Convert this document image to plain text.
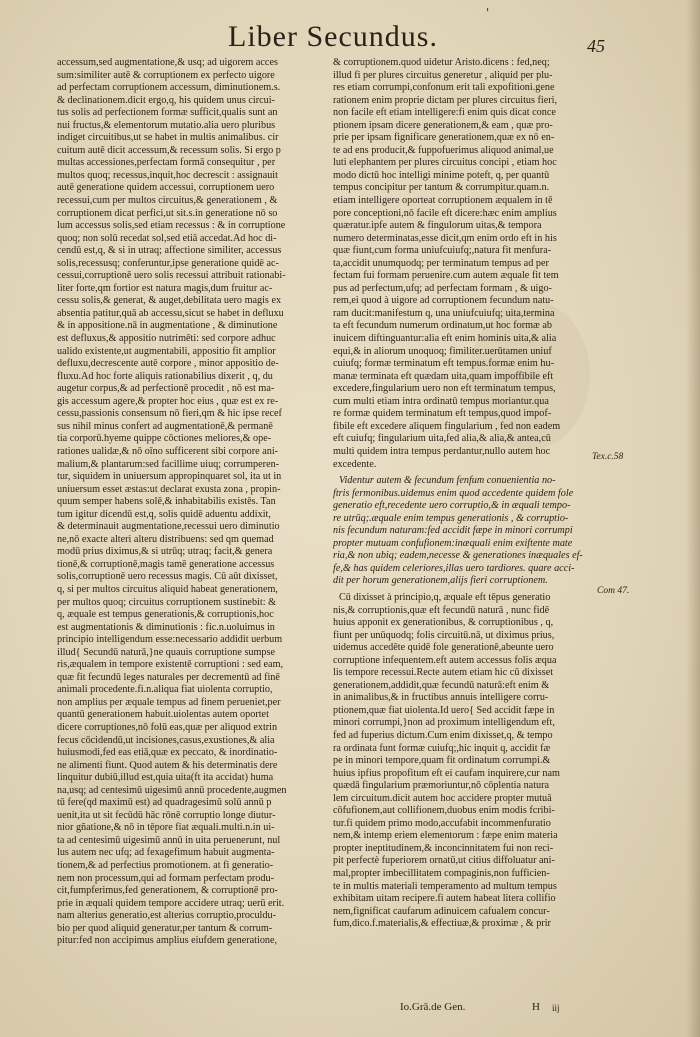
'
Liber Secundus.	45
accessum,sed augmentatione,& usq; ad uigorem acces
sum:similiter autē & corruptionem ex perfecto uigore
ad perfectam corruptionem accessum, diminutionem.s.
& declinationem.dicit ergo,q, his quidem unus circui-
tus solis ad perfectionem formæ sufficit,qualis sunt an
nui fructus,& elementorum mutatio.alia uero pluribus
indiget circuitibus,ut se habet in multis animalibus. cir
cuitum autē dicit accessum,& recessum solis. Si ergo p
multas accessiones,perfectam formā consequitur , per
multos quoq; recessus,inquit,hoc decrescit : assignauit
autē generatione quidem accessui, corruptionem uero
recessui,cum per multos circuitus,& generationem , &
corruptionem dicat perfici,ut sit.s.in generatione nō so
lum accessus solis,sed etiam recessus : & in corruptione
quoq; non solū recedat sol,sed etiā accedat.Ad hoc di-
cendū est,q, & si in utraq; affectione similiter, accessus
solis,recessusq; conferuntur,ipse generatione quidē ac-
cessui,corruptionē uero solis recessui attribuit rationabi-
liter forte,qm fortior est natura magis,dum fruitur ac-
cessu solis,& generat, & auget,debilitata uero magis ex
absentia patitur,quā ab accessu,sicut se habet in defluxu
& in appositione.nā in augmentatione , & diminutione
est defluxus,& appositio nutrimēti: sed corpore adhuc
ualido existente,ut augmentabili, appositio fit amplior
defluxu,decrescente autē corpore , minor appositio de-
fluxu.Ad hoc forte aliquis rationabilius dixerit , q, du
augetur corpus,& ad perfectionē procedit , nō est ma-
gis accessum agere,& propter hoc eius , quæ est ex re-
cessu,passionis consensum nō fieri,qm & hic ipse recef
sus nihil minus confert ad augmentationē,& permanē
tia corporū.hyeme quippe cōctiones meliores,& ope-
rationes ualidæ,& nō oīno sufficerent sibi corpore ani-
malium,& plantarum:sed facillime uiuq; corrumperen-
tur, siquidem in uniuersum appropinquaret sol, ita ut in
uniuersum esset æstas:ut declarat exusta zona , propin-
quum semper habens solē,& inhabitabilis existēs. Tan
tum igitur dicendū est,q, solis quidē aduentu addixit,
& determinauit augmentatione,recessui uero diminutio
ne,nō exacte alteri alteru distribuens: sed qm quemad
modū prius diximus,& si utrūq; utraq; facit,& genera
tionē,& corruptionē,magis tamē generatione accessus
solis,corruptionē uero recessus magis. Cū aūt dixisset,
q, si per multos circuitus aliquid habeat generationem,
per multos quoq; circuitus corruptionem sustinebit: &
q, æquale est tempus generationis,& corruptionis,hoc
est augmentationis & diminutionis : fic.n.uoluimus in
principio intelligendum esse:necessario addidit uerbum
illud{ Secundū naturā,}ne quauis corruptione sumpse
ris,æqualem in tempore existentē corruptioni : sed eam,
quæ fit fecundū leges naturales per decrementū ad finē
animali procedente.fi.n.aliqua fiat uiolenta corruptio,
non amplius per æquale tempus ad finem perueniet,per
quantū generationem habuit.uiolentas autem oportet
dicere corruptiones,nō folū eas,quæ per aliquod extrin
fecus cōcidendū,ut incisiones,casus,exustiones,& alia
huiusmodi,fed eas etiā,quæ ex peccato, & inordinatio-
ne alimenti fiunt. Quod autem & his determinatis dere
linquitur dubiū,illud est,quia uita(ft ita accidat) huma
na,usq; ad centesimū uigesimū annū procedente,augmen
tū fere(qd maximū est) ad quadragesimū solū annū p
uenit,ita ut sit fecūdū hāc rōnē corruptio longe diutur-
nior gñatione,& nō in tēpore fiat æquali.multi.n.in ui-
ta ad centesimū uigesimū annū in uita peruenerunt, nul
lus autem nec ufq; ad fexagefimum habuit augmenta-
tionem,& ad perfectius promotionem. at fi generatio-
nem non processum,qui ad formam perfectam produ-
cit,fumpferimus,fed generationem, & corruptionē pro-
prie in æquali quidem tempore accidere utraq; uerū erit.
nam alterius generatio,est alterius corruptio,proculdu-
bio per quod aliquid generatur,per tantum & corrum-
pitur:fed non accipimus amplius eiufdem generatione,
& corruptionem.quod uidetur Aristo.dicens : fed,neq;
illud fi per plures circuitus generetur , aliquid per plu-
res etiam corrumpi,confonum erit tali expofitioni.gene
rationem enim proprie dictam per plures circuitus fieri,
non facile eft etiam intelligere:fi enim quis dicat conce
ptionem ipsam dicere generationem,& eam , quæ pro-
prie per ipsam fignificare generationem,quæ ex nō en-
te ad ens producit,& fuppofuerimus aliquod animal,ue
luti elephantem per plures circuitus concipi , etiam hoc
modo dictū hoc intelligi minime poteft, q, per quantū
tempus concipitur per tantum & corrumpitur.quam.n.
etiam intelligere oporteat corruptionem æqualem in tē
pore conceptioni,nō facile eft dicere:hæc enim amplius
quæratur.ipfe autem & fingulorum uitas,& tempora
numero determinatas,esse dicit,qm enim ordo eft in his
quæ fiunt,cum forma uniufcuiufq;,natura fit menfura-
ta,accidit unumquodq; per terminatum tempus ad per
fectam fui formam peruenire.cum autem æquale fit tem
pus ad perfectum,ufq; ad perfectam formam , & uigo-
rem,ei quod à uigore ad corruptionem fecundum natu-
ram ducit:manifestum q, una uniufcuiufq; uita,termina
ta eft fecundum numerum ordinatum,ut hoc formæ ab
inuicem diftinguantur:alia eft enim hominis uita,& alia
equi,& in aliorum unoquoq; fimiliter.uerūtamen uniuf
cuiufq; formæ terminatum eft tempus.formæ enim hu-
manæ terminata eft quædam uita,quam impoffibile eft
excedere,fingularium uero non eft terminatum tempus,
cum multi etiam intra ordinatū tempus moriantur.qua
re formæ quidem terminatum eft tempus,quod impof-
fibile eft excedere aliquem fingularium , fed non eadem
eft cuiufq; fingularium uita,fed alia,& alia,& antea,cū
multi quidem intra tempus perdantur,nullo autem hoc
excedente.
Videntur autem & fecundum fenfum conuenientia no-
ftris fermonibus.uidemus enim quod accedente quidem fole
generatio eft,recedente uero corruptio,& in æquali tempo-
re utrūq;.æquale enim tempus generationis , & corruptio-
nis fecundum naturam:fed accidit fæpe in minori corrumpi
propter mutuam confufionem:inæquali enim exiftente mate
ria,& non ubiq; eadem,necesse & generationes inæquales ef-
fe,& has quidem celeriores,illas uero tardiores. quare acci-
dit per horum generationem,alijs fieri corruptionem.
Cū dixisset à principio,q, æquale eft tēpus generatio
nis,& corruptionis,quæ eft fecundū naturā , nunc fidē
huius apponit ex generationibus, & corruptionibus , q,
fiunt per unūquodq; folis circuitū.nā, ut diximus prius,
uidemus accedēte quidē fole generationē,abeunte uero
corruptione infequentem.eft autem accessus folis æqua
lis tempore recessui.Recte autem etiam hic cū dixisset
generationem,addidit,quæ fecundū naturā:eft enim &
in animalibus,& in fructibus annuis intelligere corru-
ptionem,quæ fiat uiolenta.Id uero{ Sed accidit fæpe in
minori corrumpi,}non ad proximum intelligendum eft,
fed ad fuperius dictum.Cum enim dixisset,q, & tempo
ra ordinata funt formæ cuiufq;,hic inquit q, accidit fæ
pe in minori tempore,quam fit ordinatum corrumpi.&
huius ipfius propofitum eft ei caufam inquirere,cur nam
quædā fingularium præmoriuntur,nō cōplentia natura
lem circuitum.dicit autem hoc accidere propter mutuā
cōfufionem,aut collifionem,duobus enim modis fcribi-
tur.fi quidem primo modo,accufabit incommenfuratio
nem,& intemp eriem elementorum : fæpe enim materia
propter ineptitudinem,& inconcinnitatem fui non reci-
pit perfectè fuperiorem ornatū,ut citius diffoluatur ani-
mal,propter imbecillitatem compaginis,non fufficien-
te in multis materiali temperamento ad multum tempus
exhibitam uitam recipere.fi autem habeat litera collifio
nem,fignificat caufarum adinuicem cafualem concur-
fum,dico.f.materialis,& effectiuæ,& proximæ , & prir
Tex.c.58
Com 47.
Io.Grā.de Gen.	H iij
